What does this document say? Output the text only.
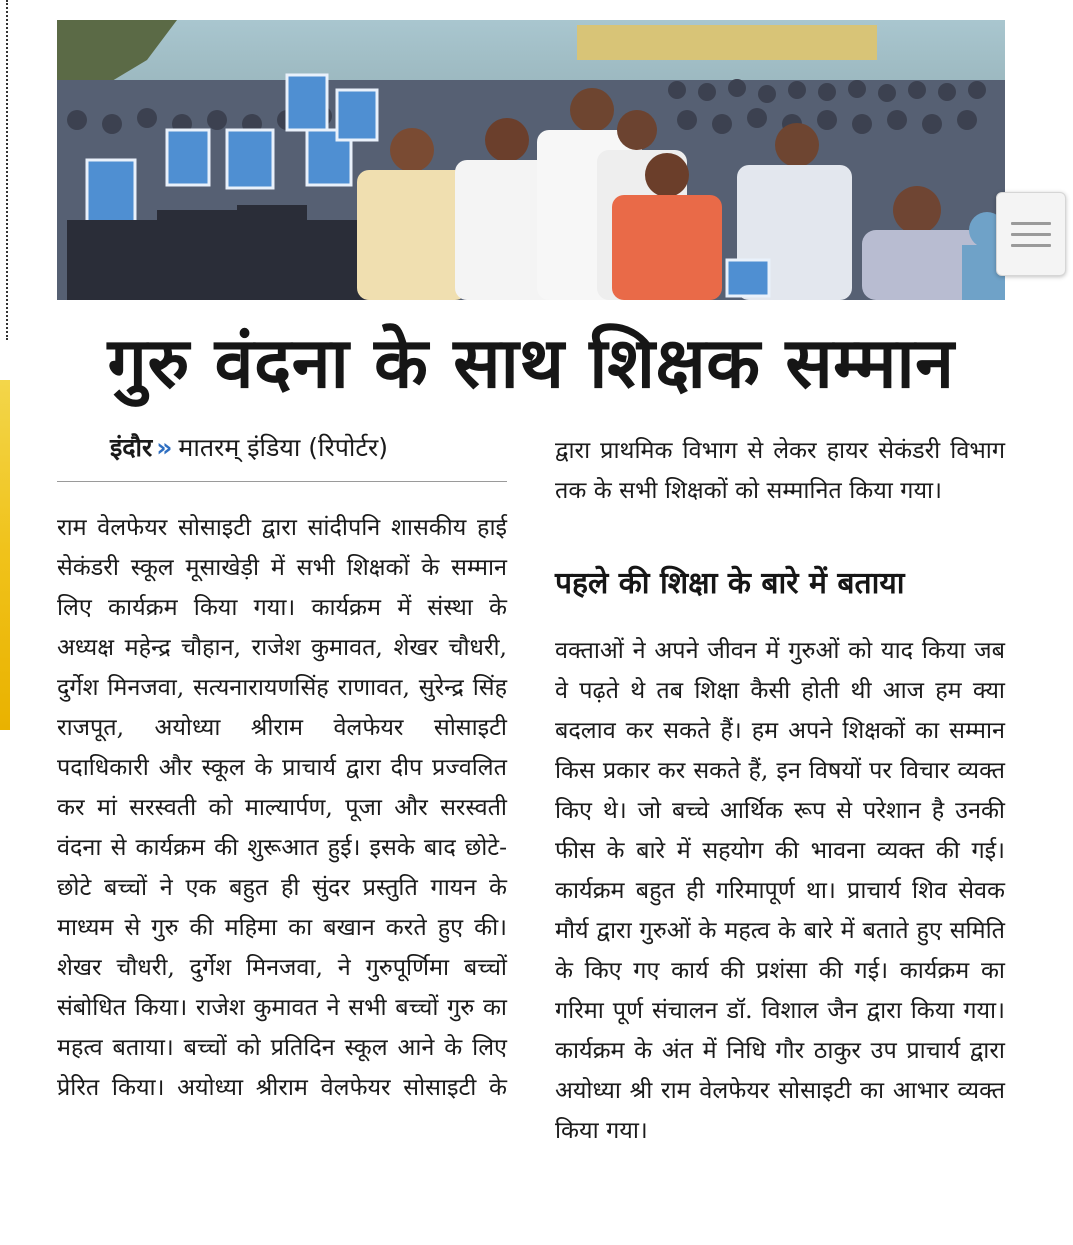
गुरु वंदना के साथ शिक्षक सम्मान
इंदौर » मातरम् इंडिया (रिपोर्टर)

राम वेलफेयर सोसाइटी द्वारा सांदीपनि शासकीय हाई सेकंडरी स्कूल मूसाखेड़ी में सभी शिक्षकों के सम्मान लिए कार्यक्रम किया गया। कार्यक्रम में संस्था के अध्यक्ष महेन्द्र चौहान, राजेश कुमावत, शेखर चौधरी, दुर्गेश मिनजवा, सत्यनारायणसिंह राणावत, सुरेन्द्र सिंह राजपूत, अयोध्या श्रीराम वेलफेयर सोसाइटी पदाधिकारी और स्कूल के प्राचार्य द्वारा दीप प्रज्वलित कर मां सरस्वती को माल्यार्पण, पूजा और सरस्वती वंदना से कार्यक्रम की शुरूआत हुई। इसके बाद छोटे-छोटे बच्चों ने एक बहुत ही सुंदर प्रस्तुति गायन के माध्यम से गुरु की महिमा का बखान करते हुए की। शेखर चौधरी, दुर्गेश मिनजवा, ने गुरुपूर्णिमा बच्चों संबोधित किया। राजेश कुमावत ने सभी बच्चों गुरु का महत्व बताया। बच्चों को प्रतिदिन स्कूल आने के लिए प्रेरित किया। अयोध्या श्रीराम वेलफेयर सोसाइटी के

द्वारा प्राथमिक विभाग से लेकर हायर सेकंडरी विभाग तक के सभी शिक्षकों को सम्मानित किया गया।

पहले की शिक्षा के बारे में बताया

वक्ताओं ने अपने जीवन में गुरुओं को याद किया जब वे पढ़ते थे तब शिक्षा कैसी होती थी आज हम क्या बदलाव कर सकते हैं। हम अपने शिक्षकों का सम्मान किस प्रकार कर सकते हैं, इन विषयों पर विचार व्यक्त किए थे। जो बच्चे आर्थिक रूप से परेशान है उनकी फीस के बारे में सहयोग की भावना व्यक्त की गई। कार्यक्रम बहुत ही गरिमापूर्ण था। प्राचार्य शिव सेवक मौर्य द्वारा गुरुओं के महत्व के बारे में बताते हुए समिति के किए गए कार्य की प्रशंसा की गई। कार्यक्रम का गरिमा पूर्ण संचालन डॉ. विशाल जैन द्वारा किया गया। कार्यक्रम के अंत में निधि गौर ठाकुर उप प्राचार्य द्वारा अयोध्या श्री राम वेलफेयर सोसाइटी का आभार व्यक्त किया गया।
